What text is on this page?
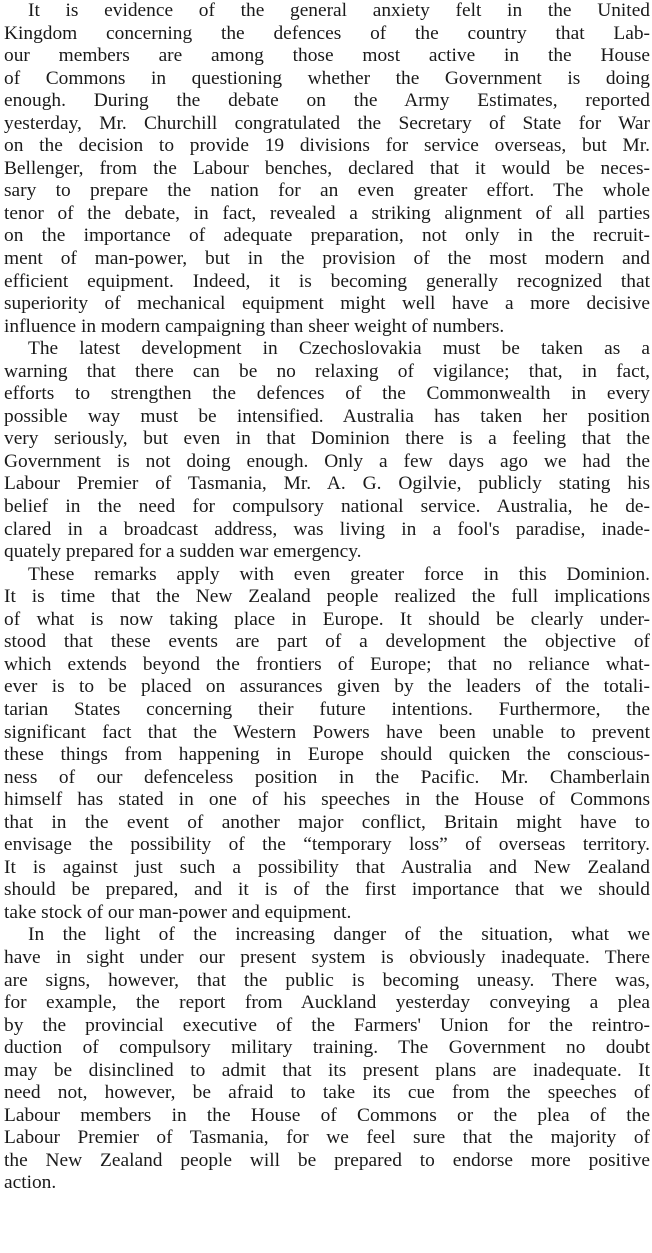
It is evidence of the general anxiety felt in the United
Kingdom concerning the defences of the country that Lab-
our members are among those most active in the House
of Commons in questioning whether the Government is doing
enough. During the debate on the Army Estimates, reported
yesterday, Mr. Churchill congratulated the Secretary of State for War
on the decision to provide 19 divisions for service overseas, but Mr.
Bellenger, from the Labour benches, declared that it would be neces-
sary to prepare the nation for an even greater effort. The whole
tenor of the debate, in fact, revealed a striking alignment of all parties
on the importance of adequate preparation, not only in the recruit-
ment of man-power, but in the provision of the most modern and
efficient equipment. Indeed, it is becoming generally recognized that
superiority of mechanical equipment might well have a more decisive
influence in modern campaigning than sheer weight of numbers.
The latest development in Czechoslovakia must be taken as a
warning that there can be no relaxing of vigilance; that, in fact,
efforts to strengthen the defences of the Commonwealth in every
possible way must be intensified. Australia has taken her position
very seriously, but even in that Dominion there is a feeling that the
Government is not doing enough. Only a few days ago we had the
Labour Premier of Tasmania, Mr. A. G. Ogilvie, publicly stating his
belief in the need for compulsory national service. Australia, he de-
clared in a broadcast address, was living in a fool's paradise, inade-
quately prepared for a sudden war emergency.
These remarks apply with even greater force in this Dominion.
It is time that the New Zealand people realized the full implications
of what is now taking place in Europe. It should be clearly under-
stood that these events are part of a development the objective of
which extends beyond the frontiers of Europe; that no reliance what-
ever is to be placed on assurances given by the leaders of the totali-
tarian States concerning their future intentions. Furthermore, the
significant fact that the Western Powers have been unable to prevent
these things from happening in Europe should quicken the conscious-
ness of our defenceless position in the Pacific. Mr. Chamberlain
himself has stated in one of his speeches in the House of Commons
that in the event of another major conflict, Britain might have to
envisage the possibility of the “temporary loss” of overseas territory.
It is against just such a possibility that Australia and New Zealand
should be prepared, and it is of the first importance that we should
take stock of our man-power and equipment.
In the light of the increasing danger of the situation, what we
have in sight under our present system is obviously inadequate. There
are signs, however, that the public is becoming uneasy. There was,
for example, the report from Auckland yesterday conveying a plea
by the provincial executive of the Farmers' Union for the reintro-
duction of compulsory military training. The Government no doubt
may be disinclined to admit that its present plans are inadequate. It
need not, however, be afraid to take its cue from the speeches of
Labour members in the House of Commons or the plea of the
Labour Premier of Tasmania, for we feel sure that the majority of
the New Zealand people will be prepared to endorse more positive
action.
